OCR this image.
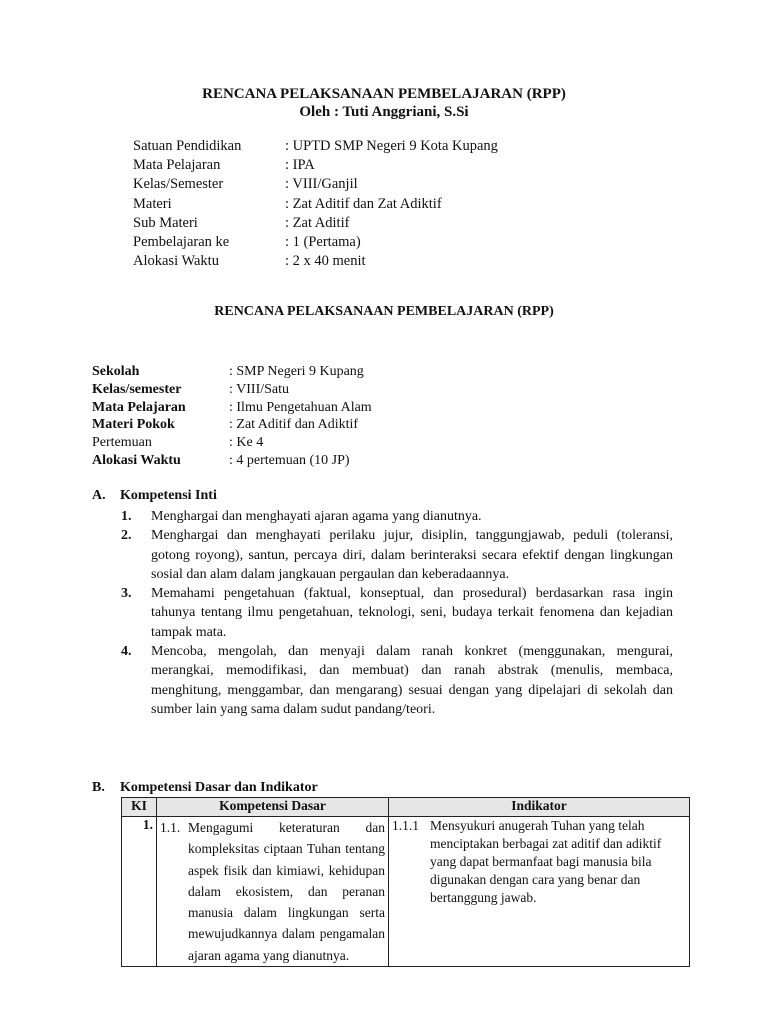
RENCANA PELAKSANAAN PEMBELAJARAN (RPP)
Oleh : Tuti Anggriani, S.Si
Satuan Pendidikan	: UPTD SMP Negeri 9 Kota Kupang
Mata Pelajaran	: IPA
Kelas/Semester	: VIII/Ganjil
Materi	: Zat Aditif dan Zat Adiktif
Sub Materi	: Zat Aditif
Pembelajaran ke	: 1 (Pertama)
Alokasi Waktu	: 2 x 40 menit
RENCANA PELAKSANAAN PEMBELAJARAN (RPP)
Sekolah	: SMP Negeri 9 Kupang
Kelas/semester	: VIII/Satu
Mata Pelajaran	: Ilmu Pengetahuan Alam
Materi Pokok	: Zat Aditif dan Adiktif
Pertemuan	: Ke 4
Alokasi Waktu	: 4 pertemuan (10 JP)
A.	Kompetensi Inti
1.	Menghargai dan menghayati ajaran agama yang dianutnya.
2.	Menghargai dan menghayati perilaku jujur, disiplin, tanggungjawab, peduli (toleransi, gotong royong), santun, percaya diri, dalam berinteraksi secara efektif dengan lingkungan sosial dan alam dalam jangkauan pergaulan dan keberadaannya.
3.	Memahami pengetahuan (faktual, konseptual, dan prosedural) berdasarkan rasa ingin tahunya tentang ilmu pengetahuan, teknologi, seni, budaya terkait fenomena dan kejadian tampak mata.
4.	Mencoba, mengolah, dan menyaji dalam ranah konkret (menggunakan, mengurai, merangkai, memodifikasi, dan membuat) dan ranah abstrak (menulis, membaca, menghitung, menggambar, dan mengarang) sesuai dengan yang dipelajari di sekolah dan sumber lain yang sama dalam sudut pandang/teori.
B.	Kompetensi Dasar dan Indikator
KI	Kompetensi Dasar	Indikator
1.	1.1. Mengagumi keteraturan dan kompleksitas ciptaan Tuhan tentang aspek fisik dan kimiawi, kehidupan dalam ekosistem, dan peranan manusia dalam lingkungan serta mewujudkannya dalam pengamalan ajaran agama yang dianutnya.	1.1.1 Mensyukuri anugerah Tuhan yang telah menciptakan berbagai zat aditif dan adiktif yang dapat bermanfaat bagi manusia bila digunakan dengan cara yang benar dan bertanggung jawab.
